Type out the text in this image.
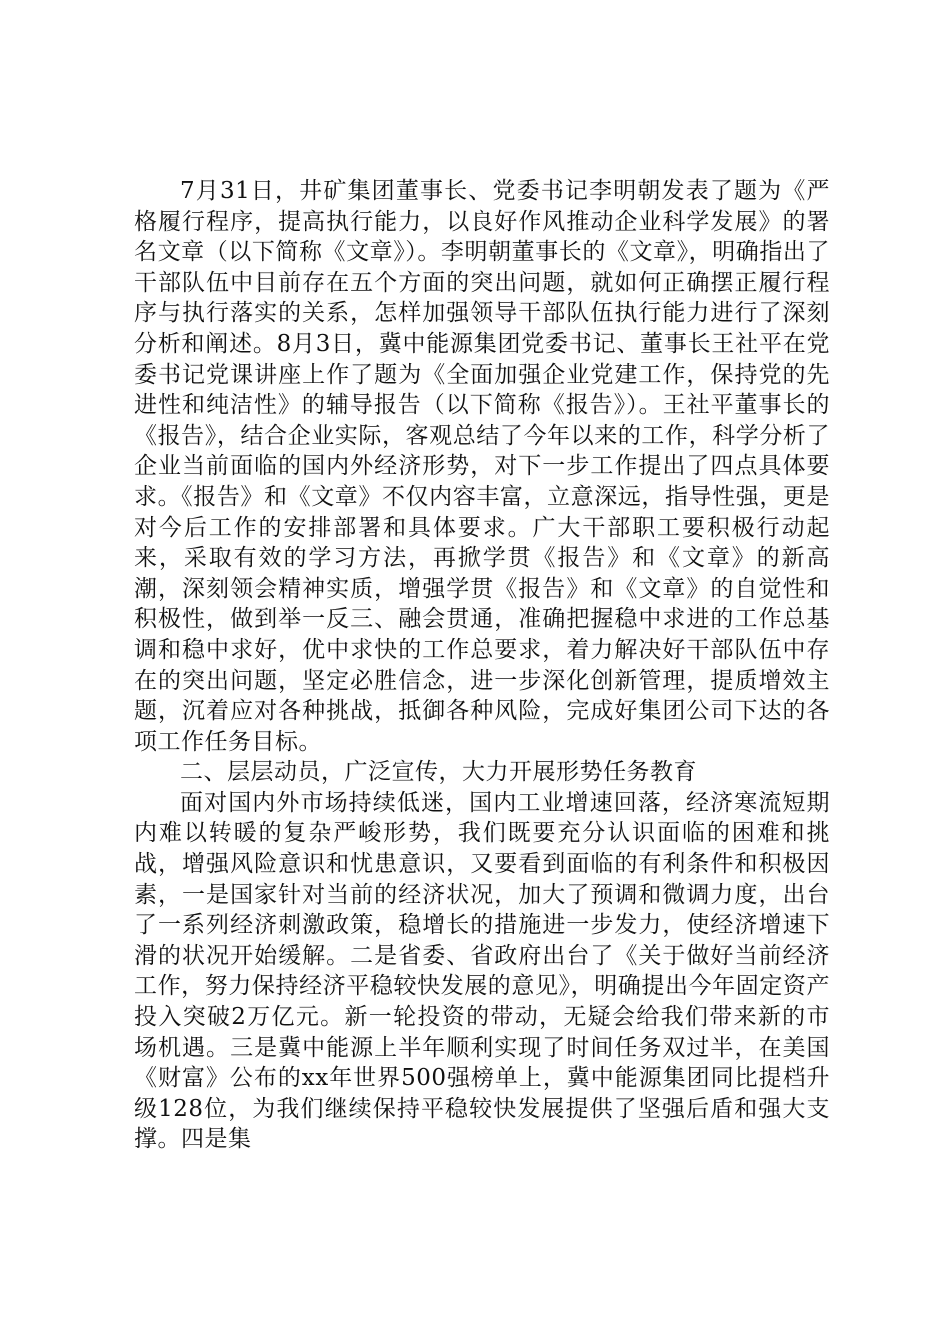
7月31日，井矿集团董事长、党委书记李明朝发表了题为《严格履行程序，提高执行能力，以良好作风推动企业科学发展》的署名文章（以下简称《文章》）。李明朝董事长的《文章》，明确指出了干部队伍中目前存在五个方面的突出问题，就如何正确摆正履行程序与执行落实的关系，怎样加强领导干部队伍执行能力进行了深刻分析和阐述。8月3日，冀中能源集团党委书记、董事长王社平在党委书记党课讲座上作了题为《全面加强企业党建工作，保持党的先进性和纯洁性》的辅导报告（以下简称《报告》）。王社平董事长的《报告》，结合企业实际，客观总结了今年以来的工作，科学分析了企业当前面临的国内外经济形势，对下一步工作提出了四点具体要求。《报告》和《文章》不仅内容丰富，立意深远，指导性强，更是对今后工作的安排部署和具体要求。广大干部职工要积极行动起来，采取有效的学习方法，再掀学贯《报告》和《文章》的新高潮，深刻领会精神实质，增强学贯《报告》和《文章》的自觉性和积极性，做到举一反三、融会贯通，准确把握稳中求进的工作总基调和稳中求好，优中求快的工作总要求，着力解决好干部队伍中存在的突出问题，坚定必胜信念，进一步深化创新管理，提质增效主题，沉着应对各种挑战，抵御各种风险，完成好集团公司下达的各项工作任务目标。

二、层层动员，广泛宣传，大力开展形势任务教育

面对国内外市场持续低迷，国内工业增速回落，经济寒流短期内难以转暖的复杂严峻形势，我们既要充分认识面临的困难和挑战，增强风险意识和忧患意识，又要看到面临的有利条件和积极因素，一是国家针对当前的经济状况，加大了预调和微调力度，出台了一系列经济刺激政策，稳增长的措施进一步发力，使经济增速下滑的状况开始缓解。二是省委、省政府出台了《关于做好当前经济工作，努力保持经济平稳较快发展的意见》，明确提出今年固定资产投入突破2万亿元。新一轮投资的带动，无疑会给我们带来新的市场机遇。三是冀中能源上半年顺利实现了时间任务双过半，在美国《财富》公布的xx年世界500强榜单上，冀中能源集团同比提档升级128位，为我们继续保持平稳较快发展提供了坚强后盾和强大支撑。四是集
